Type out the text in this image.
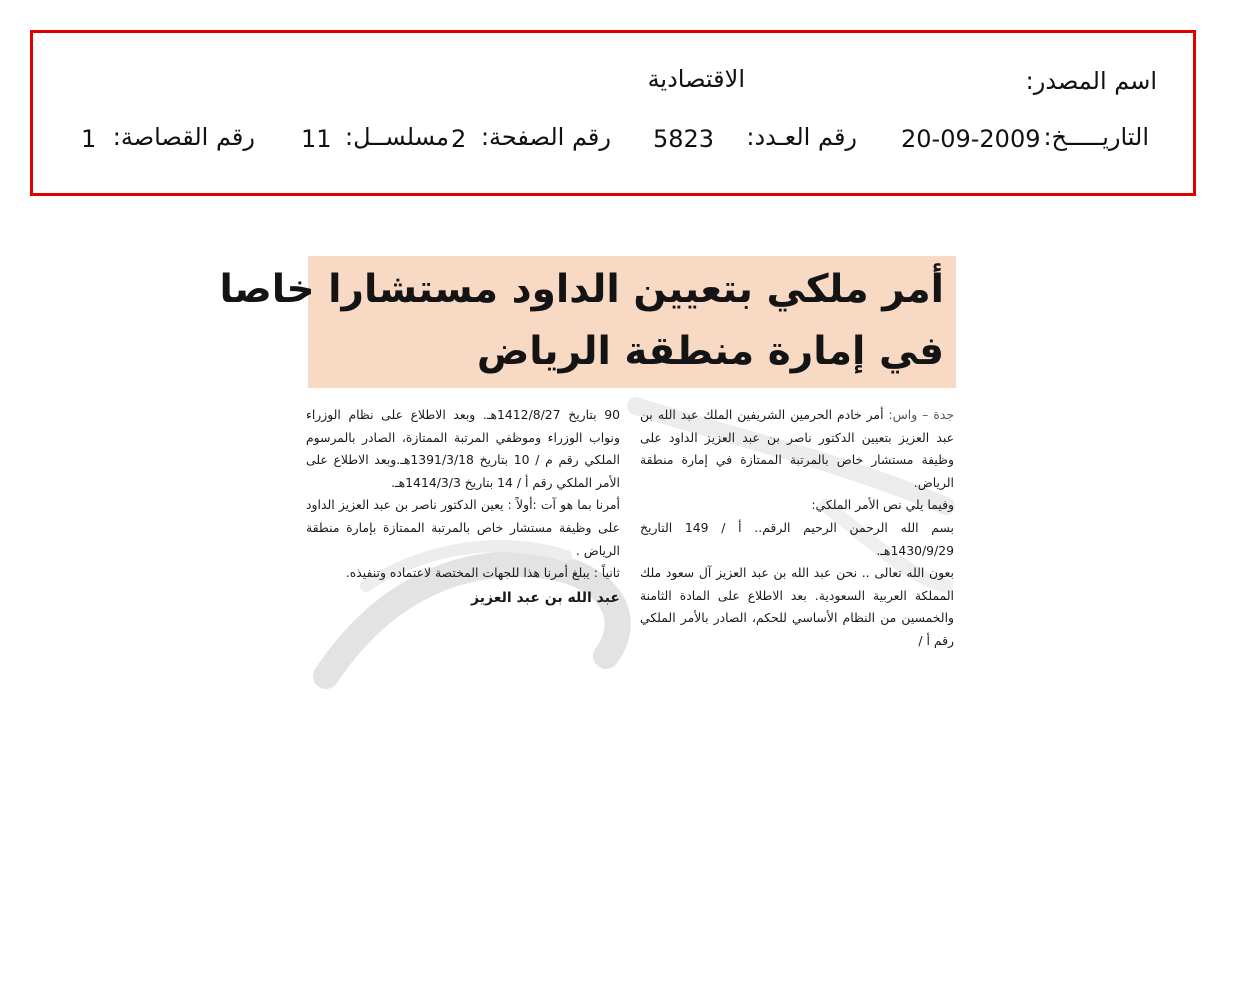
اسم المصدر:
الاقتصادية
التاريـــــخ:
20-09-2009
رقم العـدد:
5823
رقم الصفحة:
2
مسلســل:
11
رقم القصاصة:
1
أمر ملكي بتعيين الداود مستشارا خاصا
في إمارة منطقة الرياض

جدة – واس: أمر خادم الحرمين الشريفين الملك عبد الله بن عبد العزيز بتعيين الدكتور ناصر بن عبد العزيز الداود على وظيفة مستشار خاص بالمرتبة الممتازة في إمارة منطقة الرياض.

وفيما يلي نص الأمر الملكي:

بسم الله الرحمن الرحيم الرقم.. أ / 149 التاريخ 1430/9/29هـ.

بعون الله تعالى .. نحن عبد الله بن عبد العزيز آل سعود ملك المملكة العربية السعودية. بعد الاطلاع على المادة الثامنة والخمسين من النظام الأساسي للحكم، الصادر بالأمر الملكي رقم أ /

90 بتاريخ 1412/8/27هـ. وبعد الاطلاع على نظام الوزراء ونواب الوزراء وموظفي المرتبة الممتازة، الصادر بالمرسوم الملكي رقم م / 10 بتاريخ 1391/3/18هـ.وبعد الاطلاع على الأمر الملكي رقم أ / 14 بتاريخ 1414/3/3هـ.

أمرنا بما هو آت :أولاً : يعين الدكتور ناصر بن عبد العزيز الداود على وظيفة مستشار خاص بالمرتبة الممتازة بإمارة منطقة الرياض .

ثانياً : يبلغ أمرنا هذا للجهات المختصة لاعتماده وتنفيذه.

عبد الله بن عبد العزيز
